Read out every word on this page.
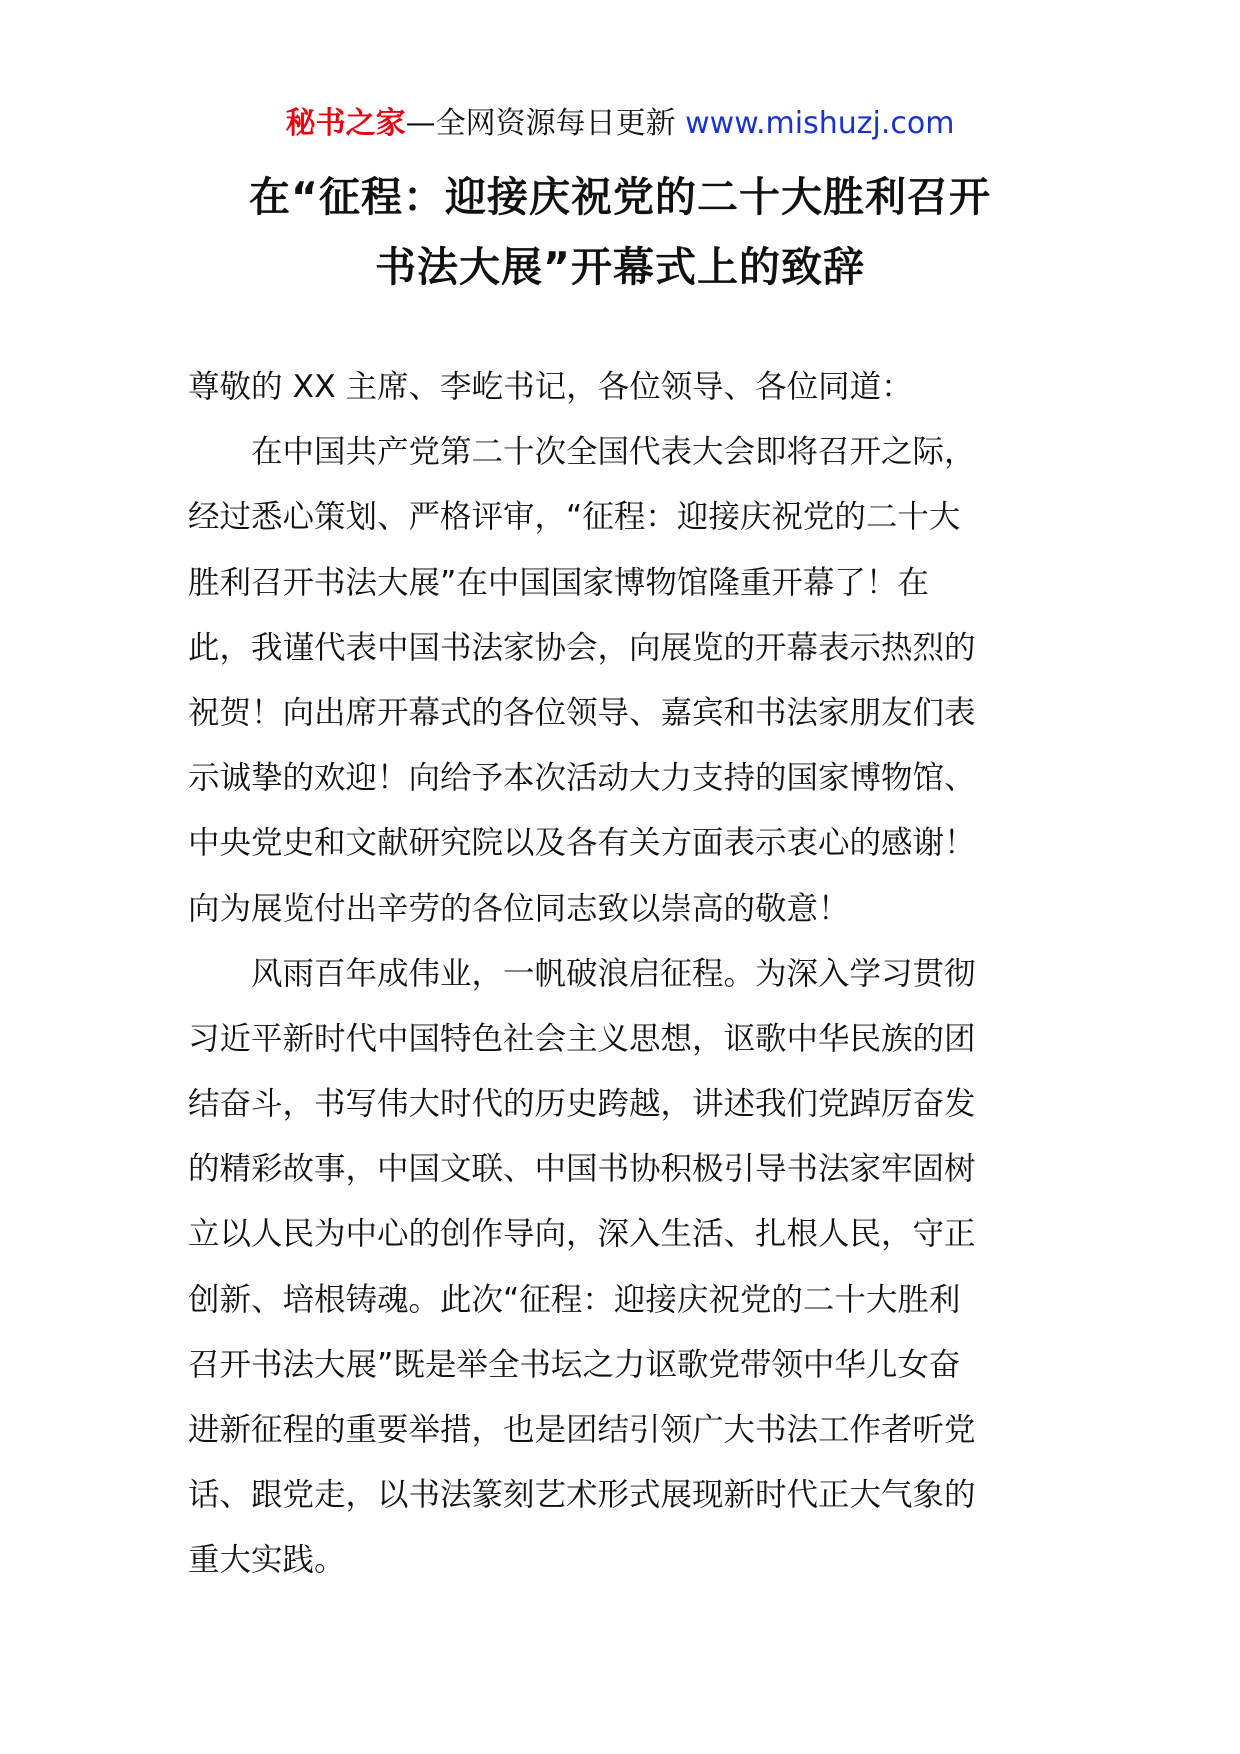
秘书之家—全网资源每日更新 www.mishuzj.com
在“征程：迎接庆祝党的二十大胜利召开
书法大展”开幕式上的致辞
尊敬的 XX 主席、李屹书记，各位领导、各位同道：
在中国共产党第二十次全国代表大会即将召开之际，
经过悉心策划、严格评审，“征程：迎接庆祝党的二十大
胜利召开书法大展”在中国国家博物馆隆重开幕了！在
此，我谨代表中国书法家协会，向展览的开幕表示热烈的
祝贺！向出席开幕式的各位领导、嘉宾和书法家朋友们表
示诚挚的欢迎！向给予本次活动大力支持的国家博物馆、
中央党史和文献研究院以及各有关方面表示衷心的感谢！
向为展览付出辛劳的各位同志致以崇高的敬意！
风雨百年成伟业，一帆破浪启征程。为深入学习贯彻
习近平新时代中国特色社会主义思想，讴歌中华民族的团
结奋斗，书写伟大时代的历史跨越，讲述我们党踔厉奋发
的精彩故事，中国文联、中国书协积极引导书法家牢固树
立以人民为中心的创作导向，深入生活、扎根人民，守正
创新、培根铸魂。此次“征程：迎接庆祝党的二十大胜利
召开书法大展”既是举全书坛之力讴歌党带领中华儿女奋
进新征程的重要举措，也是团结引领广大书法工作者听党
话、跟党走，以书法篆刻艺术形式展现新时代正大气象的
重大实践。
